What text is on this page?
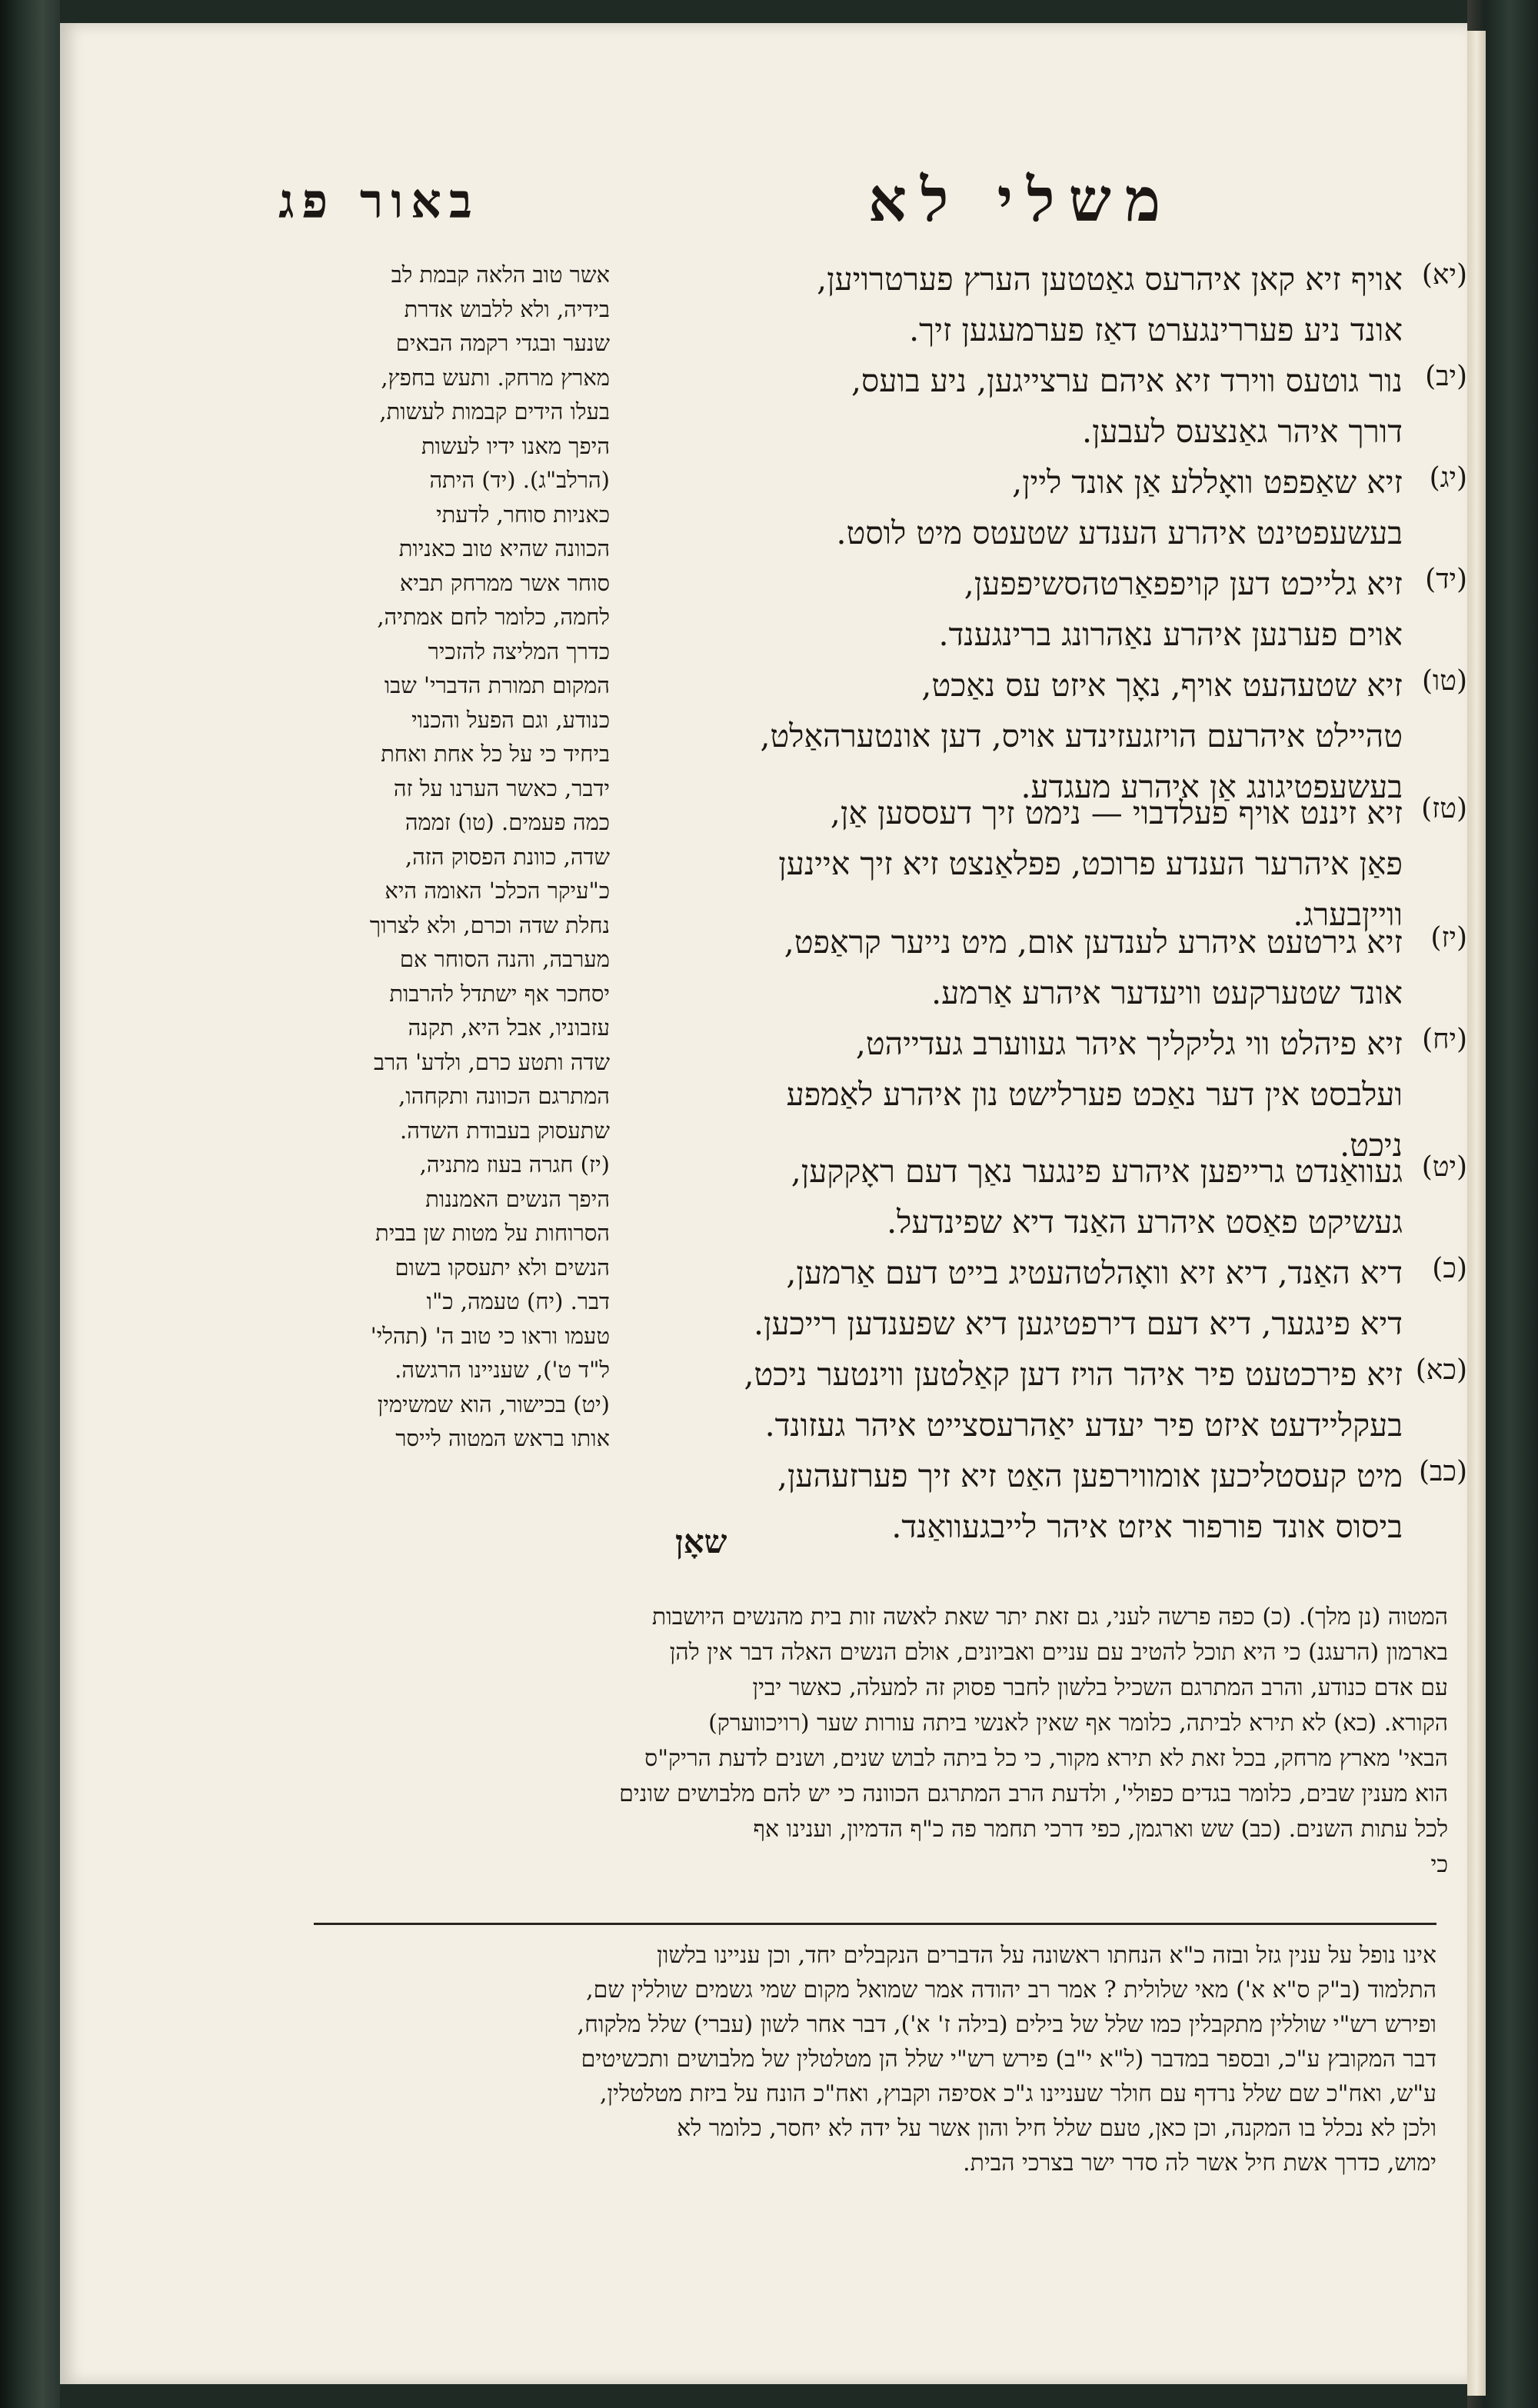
משלי לא
באור פג
(יא)
אויף זיא קאן איהרעס גאַטטען הערץ פערטרויען,
אונד ניע פעררינגערט דאַז פערמעגען זיך.
(יב)
נור גוטעס ווירד זיא איהם ערצייגען, ניע בועס,
דורך איהר גאַנצעס לעבען.
(יג)
זיא שאַפפט וואָללע אַן אונד ליין,
בעשעפטינט איהרע הענדע שטעטס מיט לוסט.
(יד)
זיא גלייכט דען קויפפאַרטהסשיפפען,
אוים פערנען איהרע נאַהרונג ברינגענד.
(טו)
זיא שטעהעט אויף, נאָך איזט עס נאַכט,
טהיילט איהרעם הויזגעזינדע אויס, דען אונטערהאַלט,
בעשעפטיגונג אַן איהרע מעגדע.
(טז)
זיא זיננט אויף פעלדבוי — נימט זיך דעססען אַן,
פאַן איהרער הענדע פרוכט, פפלאַנצט זיא זיך איינען
ווייןבערג.
(יז)
זיא גירטעט איהרע לענדען אום, מיט נייער קראַפט,
אונד שטערקעט וויעדער איהרע אַרמע.
(יח)
זיא פיהלט ווי גליקליך איהר געווערב געדייהט,
ועלבסט אין דער נאַכט פערלישט נון איהרע לאַמפע
ניכט.
(יט)
געוואַנדט גרייפען איהרע פינגער נאַך דעם ראָקקען,
געשיקט פאַסט איהרע האַנד דיא שפינדעל.
(כ)
דיא האַנד, דיא זיא וואָהלטהעטיג בייט דעם אַרמען,
דיא פינגער, דיא דעם דירפטיגען דיא שפענדען רייכען.
(כא)
זיא פירכטעט פיר איהר הויז דען קאַלטען ווינטער ניכט,
בעקליידעט איזט פיר יעדע יאַהרעסצייט איהר געזונד.
(כב)
מיט קעסטליכען אומווירפען האַט זיא זיך פערזעהען,
ביסוס אונד פורפור איזט איהר לייבגעוואַנד.
שאָן
אשר טוב הלאה קבמת לב
בידיה, ולא ללבוש אדרת
שנער ובגדי רקמה הבאים
מארץ מרחק. ותעש בחפץ,
בעלו הידים קבמות לעשות,
היפך מאנו ידיו לעשות
(הרלב"ג). (יד) היתה
כאניות סוחר, לדעתי
הכוונה שהיא טוב כאניות
סוחר אשר ממרחק תביא
לחמה, כלומר לחם אמתיה,
כדרך המליצה להזכיר
המקום תמורת הדברי' שבו
כנודע, וגם הפעל והכנוי
ביחיד כי על כל אחת ואחת
ידבר, כאשר הערנו על זה
כמה פעמים. (טו) זממה
שדה, כוונת הפסוק הזה,
כ"עיקר הכלכ' האומה היא
נחלת שדה וכרם, ולא לצרוך
מערבה, והנה הסוחר אם
יסחכר אף ישתדל להרבות
עזבוניו, אבל היא, תקנה
שדה ותטע כרם, ולדע' הרב
המתרגם הכוונה ותקחהו,
שתעסוק בעבודת השדה.
(יז) חגרה בעוז מתניה,
היפך הנשים האמננות
הסרוחות על מטות שן בבית
הנשים ולא יתעסקו בשום
דבר. (יח) טעמה, כ"ו
טעמו וראו כי טוב ה' (תהלי'
ל"ד ט'), שעניינו הרגשה.
(יט) בכישור, הוא שמשימין
אותו בראש המטוה לייסר
המטוה (נן מלך). (כ) כפה פרשה לעני, גם זאת יתר שאת לאשה זות בית מהנשים היושבות
בארמון (הרעגנ) כי היא תוכל להטיב עם עניים ואביונים, אולם הנשים האלה דבר אין להן
עם אדם כנודע, והרב המתרגם השכיל בלשון לחבר פסוק זה למעלה, כאשר יבין
הקורא. (כא) לא תירא לביתה, כלומר אף שאין לאנשי ביתה עורות שער (רויכווערק)
הבאי' מארץ מרחק, בכל זאת לא תירא מקור, כי כל ביתה לבוש שנים, ושנים לדעת הריק"ס
הוא מענין שבים, כלומר בגדים כפולי', ולדעת הרב המתרגם הכוונה כי יש להם מלבושים שונים
לכל עתות השנים. (כב) שש וארגמן, כפי דרכי תחמר פה כ"ף הדמיון, וענינו אף
כי
אינו נופל על ענין גזל ובזה כ"א הנחתו ראשונה על הדברים הנקבלים יחד, וכן עניינו בלשון
התלמוד (ב"ק ס"א א') מאי שלולית ? אמר רב יהודה אמר שמואל מקום שמי גשמים שוללין שם,
ופירש רש"י שוללין מתקבלין כמו שלל של בילים (בילה ז' א'), דבר אחר לשון (עברי) שלל מלקוח,
דבר המקובץ ע"כ, ובספר במדבר (ל"א י"ב) פירש רש"י שלל הן מטלטלין של מלבושים ותכשיטים
ע"ש, ואח"כ שם שלל נרדף עם חולר שעניינו ג"כ אסיפה וקבוץ, ואח"כ הונח על ביזת מטלטלין,
ולכן לא נכלל בו המקנה, וכן כאן, טעם שלל חיל והון אשר על ידה לא יחסר, כלומר לא
ימוש, כדרך אשת חיל אשר לה סדר ישר בצרכי הבית.
